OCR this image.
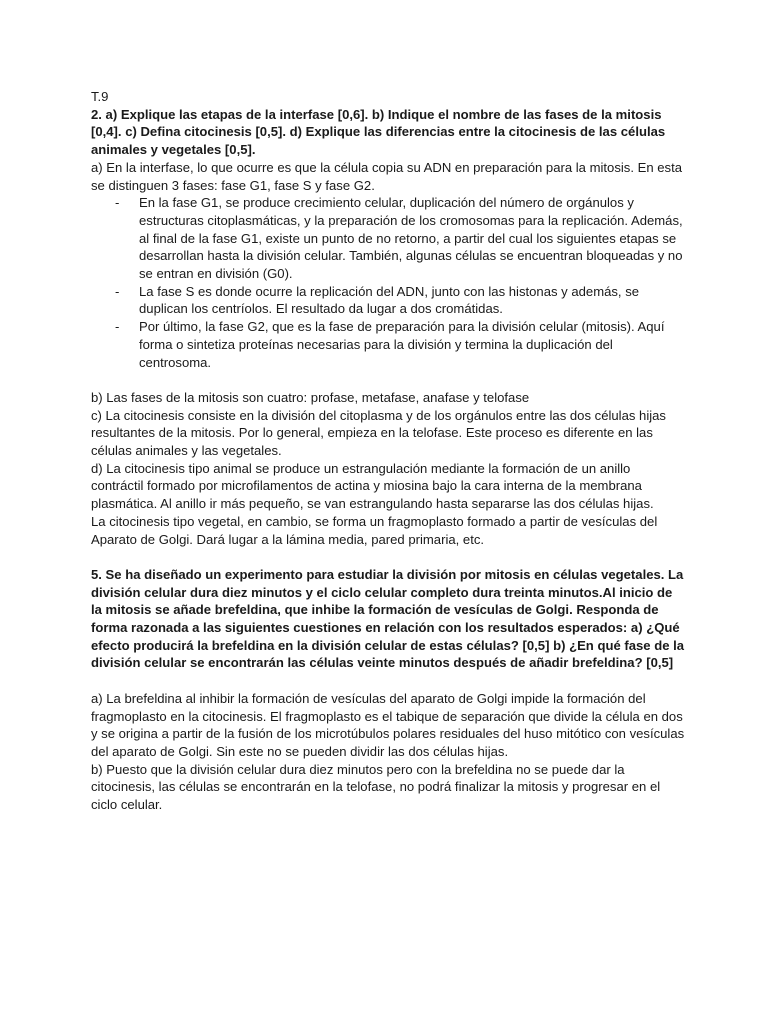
T.9

2. a) Explique las etapas de la interfase [0,6]. b) Indique el nombre de las fases de la mitosis [0,4]. c) Defina citocinesis [0,5]. d) Explique las diferencias entre la citocinesis de las células animales y vegetales [0,5].

a) En la interfase, lo que ocurre es que la célula copia su ADN en preparación para la mitosis. En esta se distinguen 3 fases: fase G1, fase S y fase G2.

- En la fase G1, se produce crecimiento celular, duplicación del número de orgánulos y estructuras citoplasmáticas, y la preparación de los cromosomas para la replicación. Además, al final de la fase G1, existe un punto de no retorno, a partir del cual los siguientes etapas se desarrollan hasta la división celular. También, algunas células se encuentran bloqueadas y no se entran en división (G0).
- La fase S es donde ocurre la replicación del ADN, junto con las histonas y además, se duplican los centríolos. El resultado da lugar a dos cromátidas.
- Por último, la fase G2, que es la fase de preparación para la división celular (mitosis). Aquí forma o sintetiza proteínas necesarias para la división y termina la duplicación del centrosoma.

b) Las fases de la mitosis son cuatro: profase, metafase, anafase y telofase

c) La citocinesis consiste en la división del citoplasma y de los orgánulos entre las dos células hijas resultantes de la mitosis. Por lo general, empieza en la telofase. Este proceso es diferente en las células animales y las vegetales.

d) La citocinesis tipo animal se produce un estrangulación mediante la formación de un anillo contráctil formado por microfilamentos de actina y miosina bajo la cara interna de la membrana plasmática. Al anillo ir más pequeño, se van estrangulando hasta separarse las dos células hijas.

La citocinesis tipo vegetal, en cambio, se forma un fragmoplasto formado a partir de vesículas del Aparato de Golgi. Dará lugar a la lámina media, pared primaria, etc.

5. Se ha diseñado un experimento para estudiar la división por mitosis en células vegetales. La división celular dura diez minutos y el ciclo celular completo dura treinta minutos.Al inicio de la mitosis se añade brefeldina, que inhibe la formación de vesículas de Golgi. Responda de forma razonada a las siguientes cuestiones en relación con los resultados esperados: a) ¿Qué efecto producirá la brefeldina en la división celular de estas células? [0,5] b) ¿En qué fase de la división celular se encontrarán las células veinte minutos después de añadir brefeldina? [0,5]

a) La brefeldina al inhibir la formación de vesículas del aparato de Golgi impide la formación del fragmoplasto en la citocinesis. El fragmoplasto es el tabique de separación que divide la célula en dos y se origina a partir de la fusión de los microtúbulos polares residuales del huso mitótico con vesículas del aparato de Golgi. Sin este no se pueden dividir las dos células hijas.

b) Puesto que la división celular dura diez minutos pero con la brefeldina no se puede dar la citocinesis, las células se encontrarán en la telofase, no podrá finalizar la mitosis y progresar en el ciclo celular.
